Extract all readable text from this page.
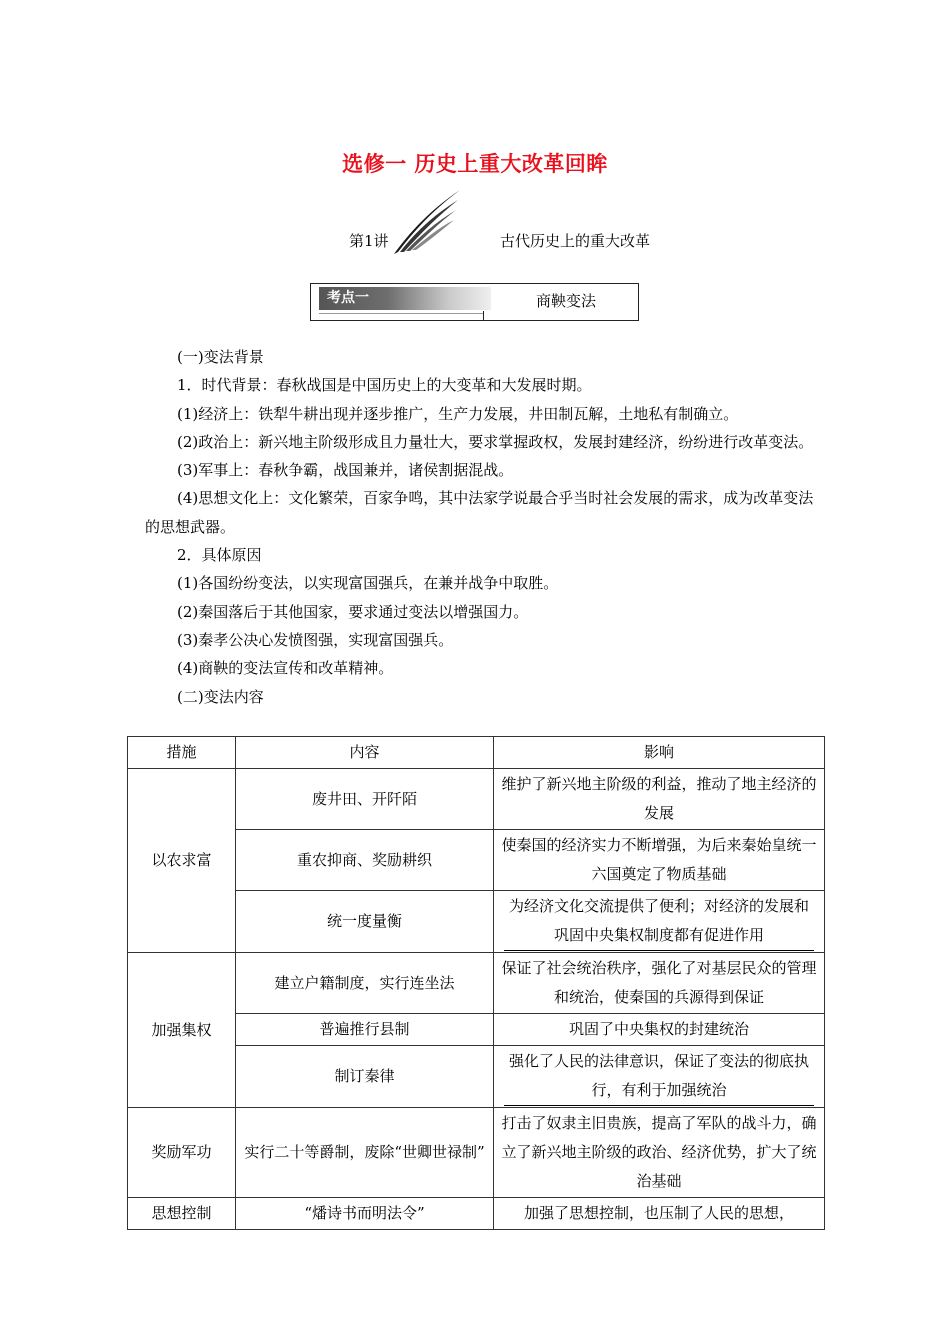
选修一 历史上重大改革回眸
第1讲	古代历史上的重大改革
考点一	商鞅变法

(一)变法背景

1．时代背景：春秋战国是中国历史上的大变革和大发展时期。

(1)经济上：铁犁牛耕出现并逐步推广，生产力发展，井田制瓦解，土地私有制确立。

(2)政治上：新兴地主阶级形成且力量壮大，要求掌握政权，发展封建经济，纷纷进行改革变法。

(3)军事上：春秋争霸，战国兼并，诸侯割据混战。

(4)思想文化上：文化繁荣，百家争鸣，其中法家学说最合乎当时社会发展的需求，成为改革变法的思想武器。

2．具体原因

(1)各国纷纷变法，以实现富国强兵，在兼并战争中取胜。

(2)秦国落后于其他国家，要求通过变法以增强国力。

(3)秦孝公决心发愤图强，实现富国强兵。

(4)商鞅的变法宣传和改革精神。

(二)变法内容

措施	内容	影响
以农求富	废井田、开阡陌	维护了新兴地主阶级的利益，推动了地主经济的发展
	重农抑商、奖励耕织	使秦国的经济实力不断增强，为后来秦始皇统一六国奠定了物质基础
	统一度量衡	为经济文化交流提供了便利；对经济的发展和巩固中央集权制度都有促进作用
加强集权	建立户籍制度，实行连坐法	保证了社会统治秩序，强化了对基层民众的管理和统治，使秦国的兵源得到保证
	普遍推行县制	巩固了中央集权的封建统治
	制订秦律	强化了人民的法律意识，保证了变法的彻底执行，有利于加强统治
奖励军功	实行二十等爵制，废除“世卿世禄制”	打击了奴隶主旧贵族，提高了军队的战斗力，确立了新兴地主阶级的政治、经济优势，扩大了统治基础
思想控制	“燔诗书而明法令”	加强了思想控制，也压制了人民的思想，
